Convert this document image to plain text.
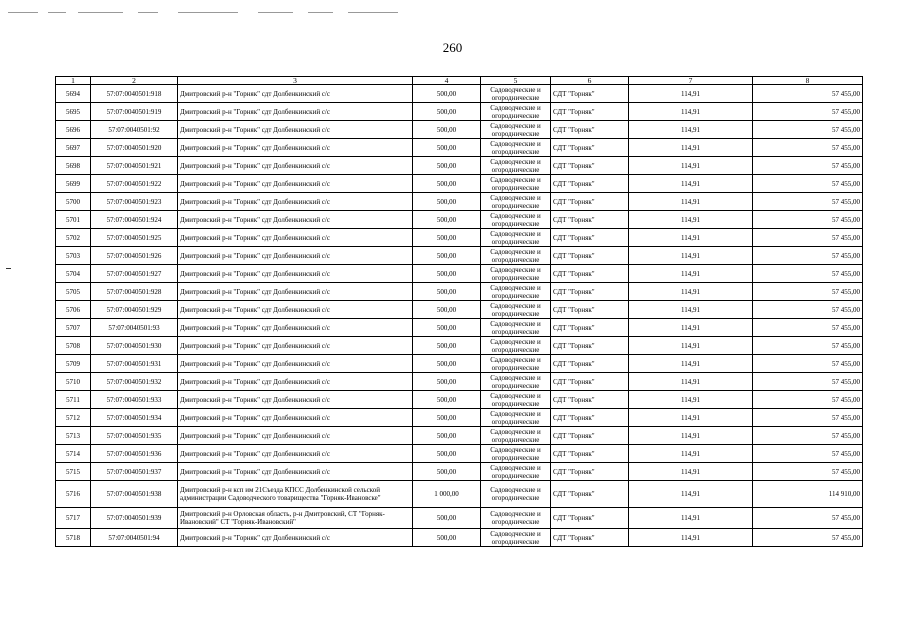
260
1	2	3	4	5	6	7	8
5694	57:07:0040501:918	Дмитровский р-н "Горняк" сдт Долбенкинский с/с	500,00	Садоводческие и огороднические	СДТ "Горняк"	114,91	57 455,00
5695	57:07:0040501:919	Дмитровский р-н "Горняк" сдт Долбенкинский с/с	500,00	Садоводческие и огороднические	СДТ "Горняк"	114,91	57 455,00
5696	57:07:0040501:92	Дмитровский р-н "Горняк" сдт Долбенкинский с/с	500,00	Садоводческие и огороднические	СДТ "Горняк"	114,91	57 455,00
5697	57:07:0040501:920	Дмитровский р-н "Горняк" сдт Долбенкинский с/с	500,00	Садоводческие и огороднические	СДТ "Горняк"	114,91	57 455,00
5698	57:07:0040501:921	Дмитровский р-н "Горняк" сдт Долбенкинский с/с	500,00	Садоводческие и огороднические	СДТ "Горняк"	114,91	57 455,00
5699	57:07:0040501:922	Дмитровский р-н "Горняк" сдт Долбенкинский с/с	500,00	Садоводческие и огороднические	СДТ "Горняк"	114,91	57 455,00
5700	57:07:0040501:923	Дмитровский р-н "Горняк" сдт Долбенкинский с/с	500,00	Садоводческие и огороднические	СДТ "Горняк"	114,91	57 455,00
5701	57:07:0040501:924	Дмитровский р-н "Горняк" сдт Долбенкинский с/с	500,00	Садоводческие и огороднические	СДТ "Горняк"	114,91	57 455,00
5702	57:07:0040501:925	Дмитровский р-н "Горняк" сдт Долбенкинский с/с	500,00	Садоводческие и огороднические	СДТ "Горняк"	114,91	57 455,00
5703	57:07:0040501:926	Дмитровский р-н "Горняк" сдт Долбенкинский с/с	500,00	Садоводческие и огороднические	СДТ "Горняк"	114,91	57 455,00
5704	57:07:0040501:927	Дмитровский р-н "Горняк" сдт Долбенкинский с/с	500,00	Садоводческие и огороднические	СДТ "Горняк"	114,91	57 455,00
5705	57:07:0040501:928	Дмитровский р-н "Горняк" сдт Долбенкинский с/с	500,00	Садоводческие и огороднические	СДТ "Горняк"	114,91	57 455,00
5706	57:07:0040501:929	Дмитровский р-н "Горняк" сдт Долбенкинский с/с	500,00	Садоводческие и огороднические	СДТ "Горняк"	114,91	57 455,00
5707	57:07:0040501:93	Дмитровский р-н "Горняк" сдт Долбенкинский с/с	500,00	Садоводческие и огороднические	СДТ "Горняк"	114,91	57 455,00
5708	57:07:0040501:930	Дмитровский р-н "Горняк" сдт Долбенкинский с/с	500,00	Садоводческие и огороднические	СДТ "Горняк"	114,91	57 455,00
5709	57:07:0040501:931	Дмитровский р-н "Горняк" сдт Долбенкинский с/с	500,00	Садоводческие и огороднические	СДТ "Горняк"	114,91	57 455,00
5710	57:07:0040501:932	Дмитровский р-н "Горняк" сдт Долбенкинский с/с	500,00	Садоводческие и огороднические	СДТ "Горняк"	114,91	57 455,00
5711	57:07:0040501:933	Дмитровский р-н "Горняк" сдт Долбенкинский с/с	500,00	Садоводческие и огороднические	СДТ "Горняк"	114,91	57 455,00
5712	57:07:0040501:934	Дмитровский р-н "Горняк" сдт Долбенкинский с/с	500,00	Садоводческие и огороднические	СДТ "Горняк"	114,91	57 455,00
5713	57:07:0040501:935	Дмитровский р-н "Горняк" сдт Долбенкинский с/с	500,00	Садоводческие и огороднические	СДТ "Горняк"	114,91	57 455,00
5714	57:07:0040501:936	Дмитровский р-н "Горняк" сдт Долбенкинский с/с	500,00	Садоводческие и огороднические	СДТ "Горняк"	114,91	57 455,00
5715	57:07:0040501:937	Дмитровский р-н "Горняк" сдт Долбенкинский с/с	500,00	Садоводческие и огороднические	СДТ "Горняк"	114,91	57 455,00
5716	57:07:0040501:938	Дмитровский р-н ксп им 21Съезда КПСС Долбенкинской сельской администрации Садоводческого товарищества "Горняк-Ивановске"	1 000,00	Садоводческие и огороднические	СДТ "Горняк"	114,91	114 910,00
5717	57:07:0040501:939	Дмитровский р-н Орловская область, р-н Дмитровский, СТ "Горняк-Ивановский" СТ "Горняк-Ивановский"	500,00	Садоводческие и огороднические	СДТ "Горняк"	114,91	57 455,00
5718	57:07:0040501:94	Дмитровский р-н "Горняк" сдт Долбенкинский с/с	500,00	Садоводческие и огороднические	СДТ "Горняк"	114,91	57 455,00
